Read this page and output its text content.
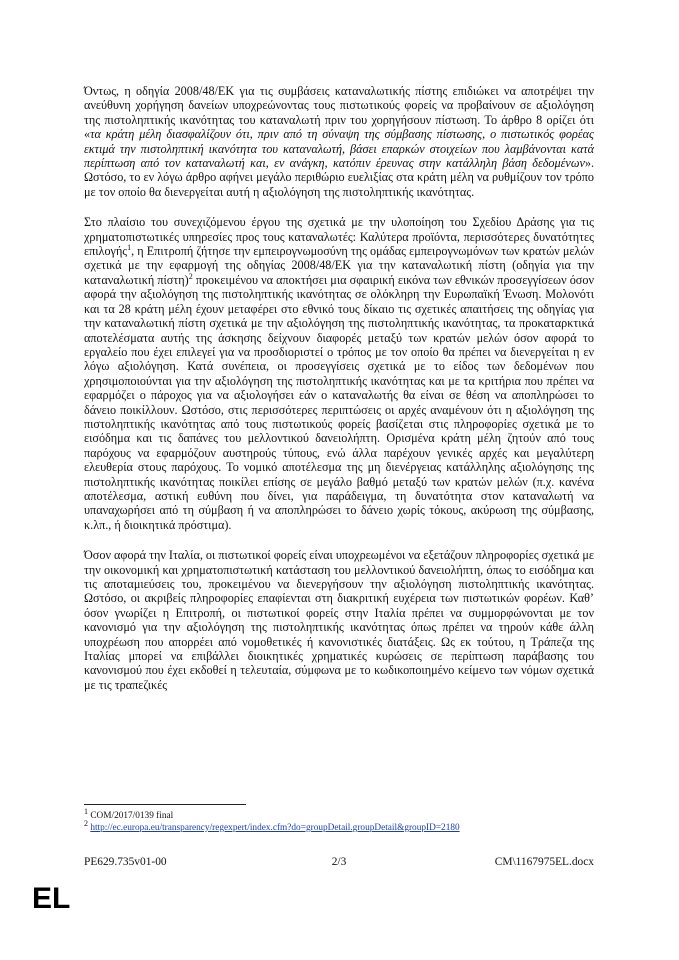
Όντως, η οδηγία 2008/48/ΕΚ για τις συμβάσεις καταναλωτικής πίστης επιδιώκει να αποτρέψει την ανεύθυνη χορήγηση δανείων υποχρεώνοντας τους πιστωτικούς φορείς να προβαίνουν σε αξιολόγηση της πιστοληπτικής ικανότητας του καταναλωτή πριν του χορηγήσουν πίστωση. Το άρθρο 8 ορίζει ότι «τα κράτη μέλη διασφαλίζουν ότι, πριν από τη σύναψη της σύμβασης πίστωσης, ο πιστωτικός φορέας εκτιμά την πιστοληπτική ικανότητα του καταναλωτή, βάσει επαρκών στοιχείων που λαμβάνονται κατά περίπτωση από τον καταναλωτή και, εν ανάγκη, κατόπιν έρευνας στην κατάλληλη βάση δεδομένων». Ωστόσο, το εν λόγω άρθρο αφήνει μεγάλο περιθώριο ευελιξίας στα κράτη μέλη να ρυθμίζουν τον τρόπο με τον οποίο θα διενεργείται αυτή η αξιολόγηση της πιστοληπτικής ικανότητας.

Στο πλαίσιο του συνεχιζόμενου έργου της σχετικά με την υλοποίηση του Σχεδίου Δράσης για τις χρηματοπιστωτικές υπηρεσίες προς τους καταναλωτές: Καλύτερα προϊόντα, περισσότερες δυνατότητες επιλογής$^1$, η Επιτροπή ζήτησε την εμπειρογνωμοσύνη της ομάδας εμπειρογνωμόνων των κρατών μελών σχετικά με την εφαρμογή της οδηγίας 2008/48/ΕΚ για την καταναλωτική πίστη (οδηγία για την καταναλωτική πίστη)$^2$ προκειμένου να αποκτήσει μια σφαιρική εικόνα των εθνικών προσεγγίσεων όσον αφορά την αξιολόγηση της πιστοληπτικής ικανότητας σε ολόκληρη την Ευρωπαϊκή Ένωση. Μολονότι και τα 28 κράτη μέλη έχουν μεταφέρει στο εθνικό τους δίκαιο τις σχετικές απαιτήσεις της οδηγίας για την καταναλωτική πίστη σχετικά με την αξιολόγηση της πιστοληπτικής ικανότητας, τα προκαταρκτικά αποτελέσματα αυτής της άσκησης δείχνουν διαφορές μεταξύ των κρατών μελών όσον αφορά το εργαλείο που έχει επιλεγεί για να προσδιοριστεί ο τρόπος με τον οποίο θα πρέπει να διενεργείται η εν λόγω αξιολόγηση. Κατά συνέπεια, οι προσεγγίσεις σχετικά με το είδος των δεδομένων που χρησιμοποιούνται για την αξιολόγηση της πιστοληπτικής ικανότητας και με τα κριτήρια που πρέπει να εφαρμόζει ο πάροχος για να αξιολογήσει εάν ο καταναλωτής θα είναι σε θέση να αποπληρώσει το δάνειο ποικίλλουν. Ωστόσο, στις περισσότερες περιπτώσεις οι αρχές αναμένουν ότι η αξιολόγηση της πιστοληπτικής ικανότητας από τους πιστωτικούς φορείς βασίζεται στις πληροφορίες σχετικά με το εισόδημα και τις δαπάνες του μελλοντικού δανειολήπτη. Ορισμένα κράτη μέλη ζητούν από τους παρόχους να εφαρμόζουν αυστηρούς τύπους, ενώ άλλα παρέχουν γενικές αρχές και μεγαλύτερη ελευθερία στους παρόχους. Το νομικό αποτέλεσμα της μη διενέργειας κατάλληλης αξιολόγησης της πιστοληπτικής ικανότητας ποικίλει επίσης σε μεγάλο βαθμό μεταξύ των κρατών μελών (π.χ. κανένα αποτέλεσμα, αστική ευθύνη που δίνει, για παράδειγμα, τη δυνατότητα στον καταναλωτή να υπαναχωρήσει από τη σύμβαση ή να αποπληρώσει το δάνειο χωρίς τόκους, ακύρωση της σύμβασης, κ.λπ., ή διοικητικά πρόστιμα).

Όσον αφορά την Ιταλία, οι πιστωτικοί φορείς είναι υποχρεωμένοι να εξετάζουν πληροφορίες σχετικά με την οικονομική και χρηματοπιστωτική κατάσταση του μελλοντικού δανειολήπτη, όπως το εισόδημα και τις αποταμιεύσεις του, προκειμένου να διενεργήσουν την αξιολόγηση πιστοληπτικής ικανότητας. Ωστόσο, οι ακριβείς πληροφορίες επαφίενται στη διακριτική ευχέρεια των πιστωτικών φορέων. Καθ’ όσον γνωρίζει η Επιτροπή, οι πιστωτικοί φορείς στην Ιταλία πρέπει να συμμορφώνονται με τον κανονισμό για την αξιολόγηση της πιστοληπτικής ικανότητας όπως πρέπει να τηρούν κάθε άλλη υποχρέωση που απορρέει από νομοθετικές ή κανονιστικές διατάξεις. Ως εκ τούτου, η Τράπεζα της Ιταλίας μπορεί να επιβάλλει διοικητικές χρηματικές κυρώσεις σε περίπτωση παράβασης του κανονισμού που έχει εκδοθεί η τελευταία, σύμφωνα με το κωδικοποιημένο κείμενο των νόμων σχετικά με τις τραπεζικές

$^1$ COM/2017/0139 final

$^2$ http://ec.europa.eu/transparency/regexpert/index.cfm?do=groupDetail.groupDetail&groupID=2180

PE629.735v01-00	2/3	CM\1167975EL.docx
EL
